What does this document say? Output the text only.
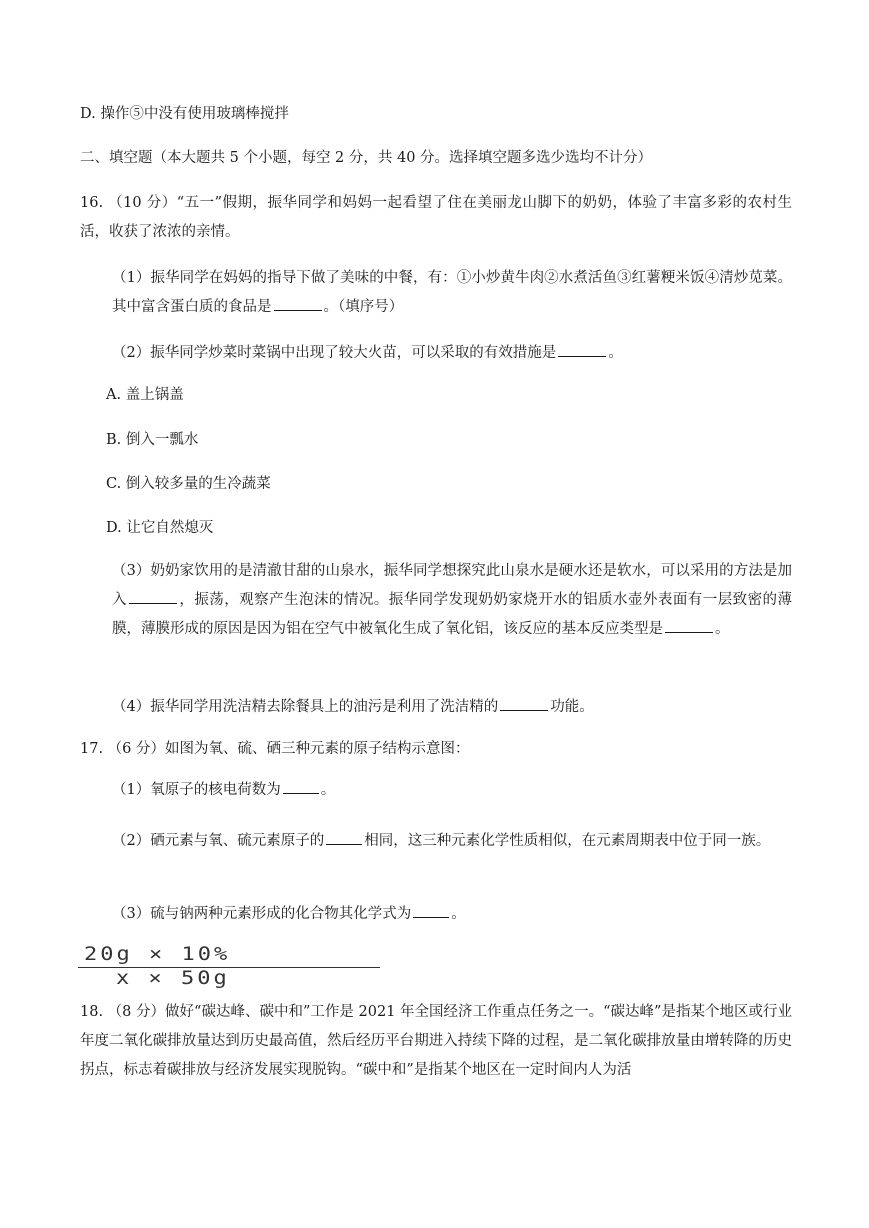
D. 操作⑤中没有使用玻璃棒搅拌
二、填空题（本大题共 5 个小题，每空 2 分，共 40 分。选择填空题多选少选均不计分）
16. （10 分）“五一”假期，振华同学和妈妈一起看望了住在美丽龙山脚下的奶奶，体验了丰富多彩的农村生活，收获了浓浓的亲情。
（1）振华同学在妈妈的指导下做了美味的中餐，有：①小炒黄牛肉②水煮活鱼③红薯粳米饭④清炒苋菜。其中富含蛋白质的食品是	。（填序号）
（2）振华同学炒菜时菜锅中出现了较大火苗，可以采取的有效措施是	。
A. 盖上锅盖
B. 倒入一瓢水
C. 倒入较多量的生冷蔬菜
D. 让它自然熄灭
（3）奶奶家饮用的是清澈甘甜的山泉水，振华同学想探究此山泉水是硬水还是软水，可以采用的方法是加入	，振荡，观察产生泡沫的情况。振华同学发现奶奶家烧开水的铝质水壶外表面有一层致密的薄膜，薄膜形成的原因是因为铝在空气中被氧化生成了氧化铝，该反应的基本反应类型是	。
（4）振华同学用洗洁精去除餐具上的油污是利用了洗洁精的	功能。
17. （6 分）如图为氧、硫、硒三种元素的原子结构示意图：
（1）氧原子的核电荷数为	。
（2）硒元素与氧、硫元素原子的	相同，这三种元素化学性质相似，在元素周期表中位于同一族。
（3）硫与钠两种元素形成的化合物其化学式为	。
20g × 10%
x × 50g
18. （8 分）做好“碳达峰、碳中和”工作是 2021 年全国经济工作重点任务之一。“碳达峰”是指某个地区或行业年度二氧化碳排放量达到历史最高值，然后经历平台期进入持续下降的过程，是二氧化碳排放量由增转降的历史拐点，标志着碳排放与经济发展实现脱钩。“碳中和”是指某个地区在一定时间内人为活
